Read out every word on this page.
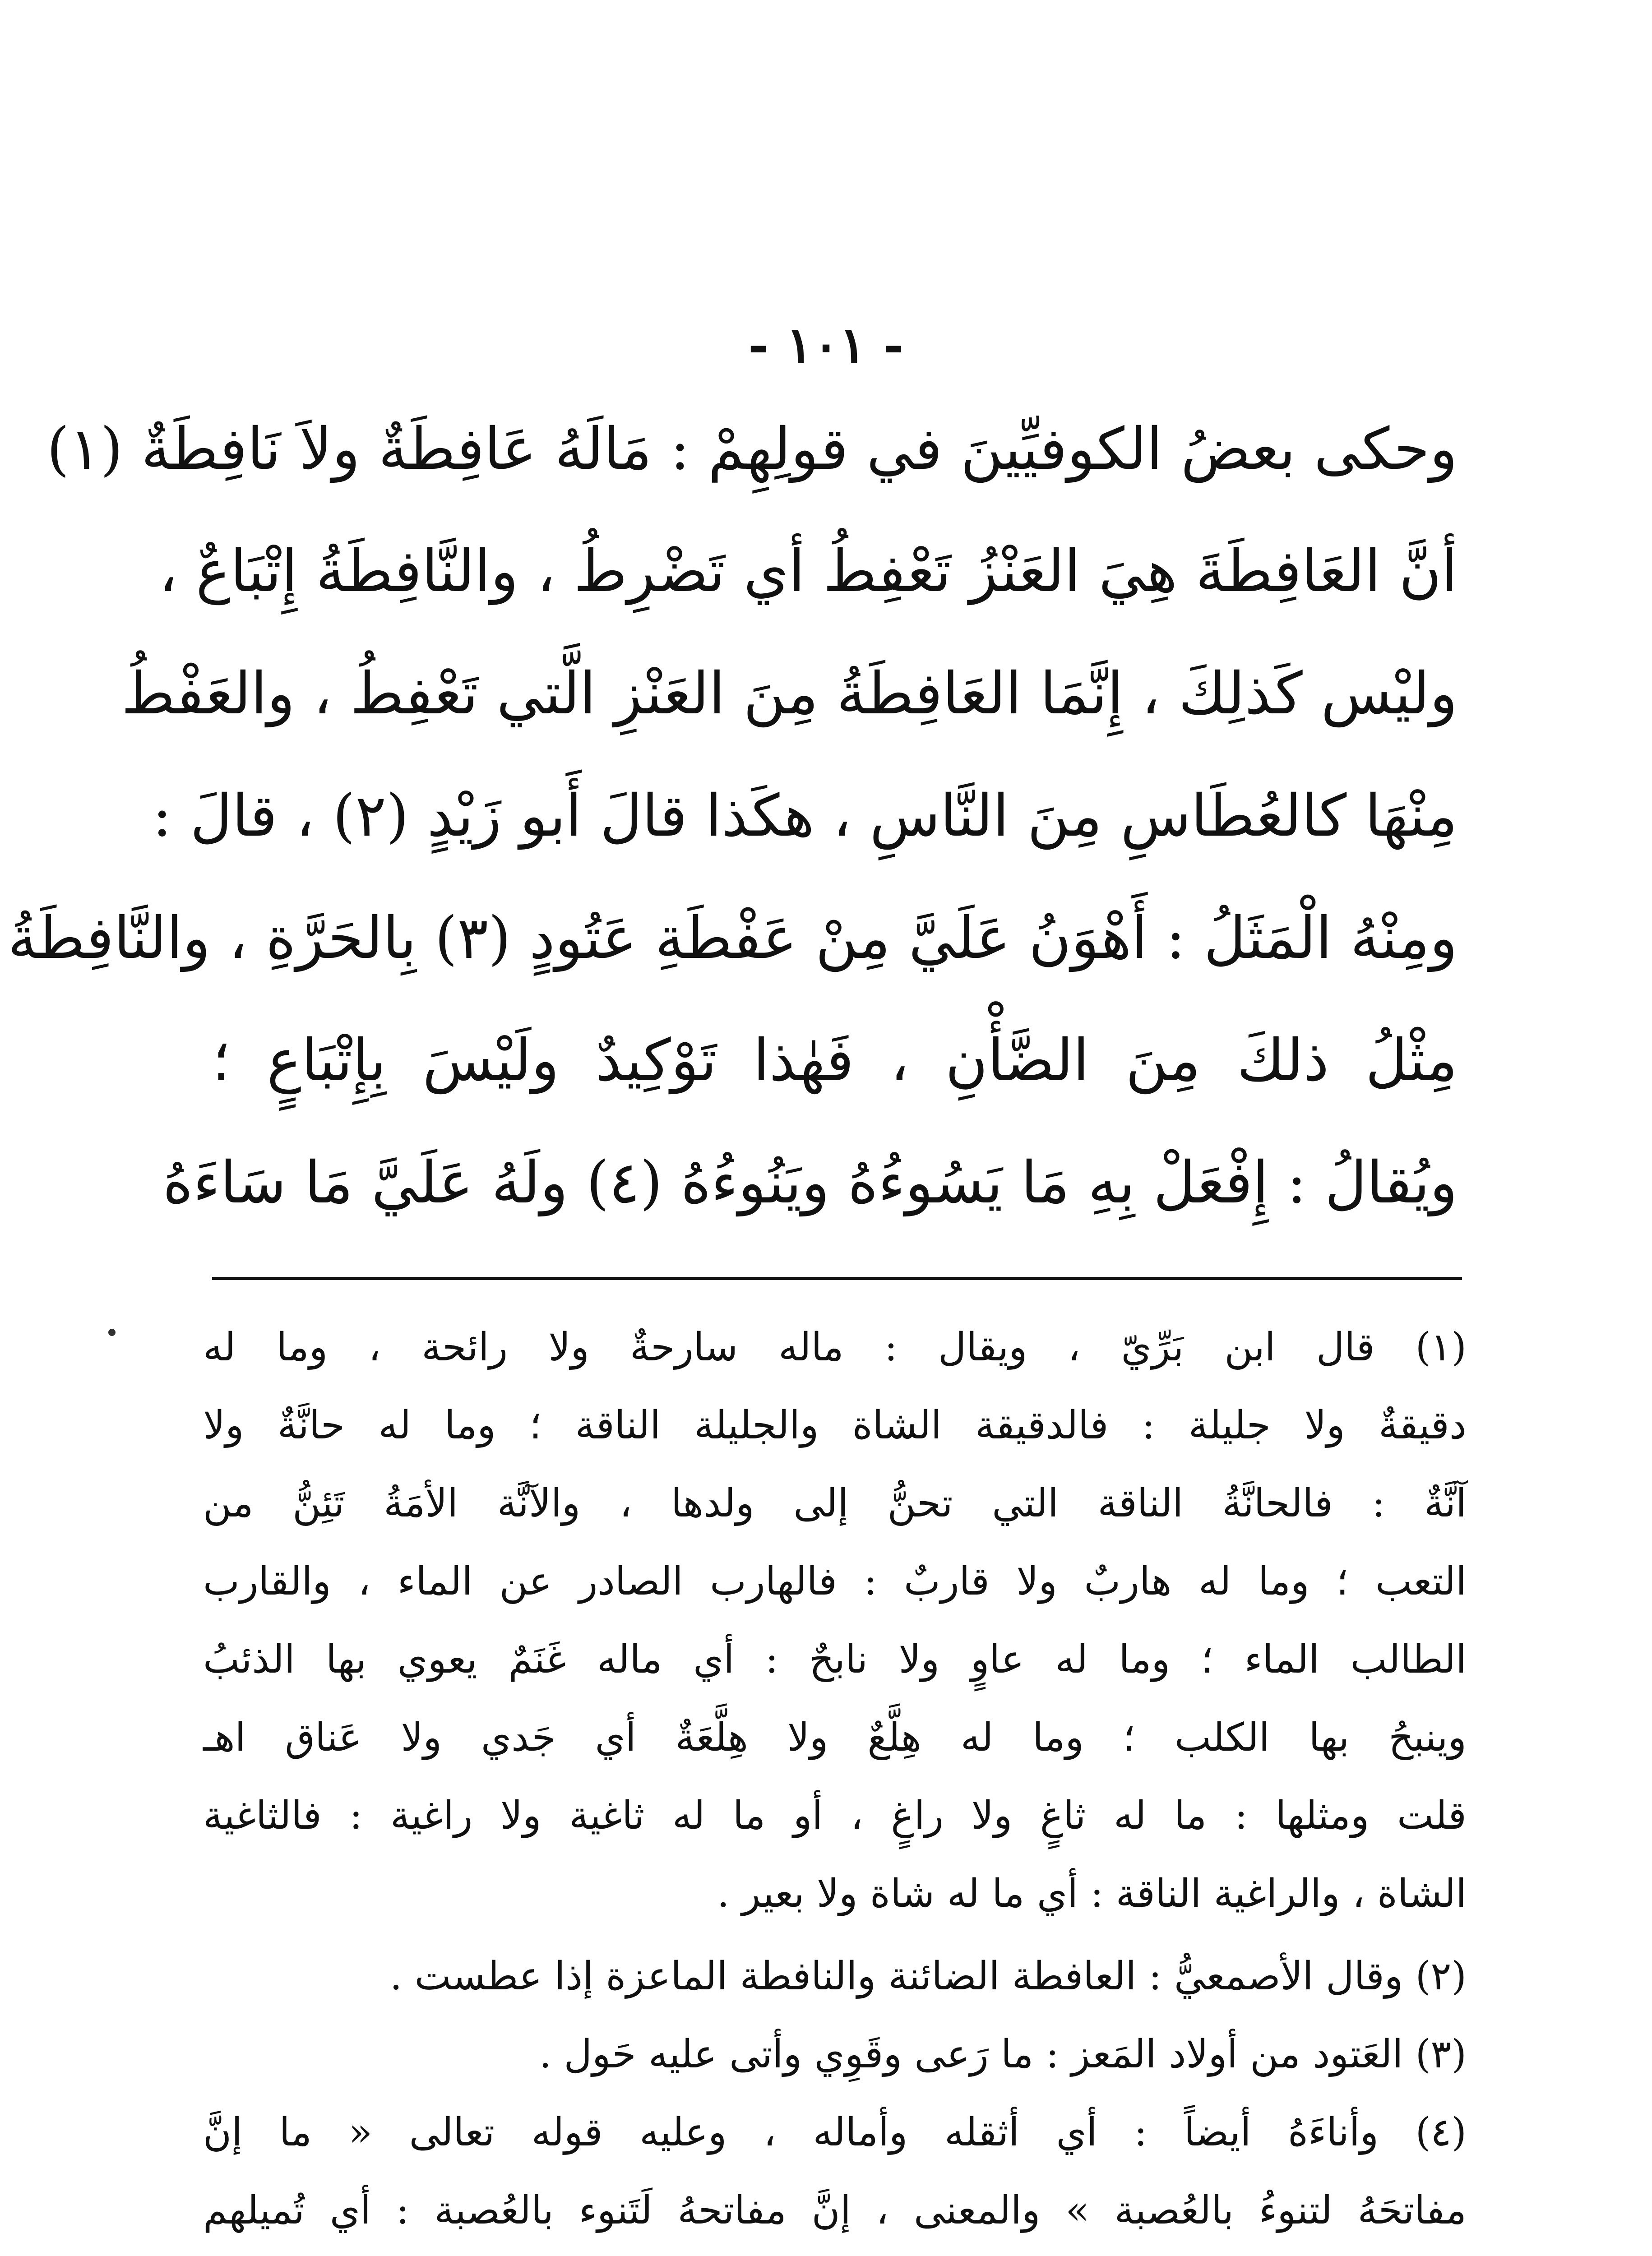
- ١٠١ -
وحكى بعضُ الكوفيِّينَ في قولِهِمْ : مَالَهُ عَافِطَةٌ ولاَ نَافِطَةٌ (١)
أنَّ العَافِطَةَ هِيَ العَنْزُ تَعْفِطُ أي تَضْرِطُ ، والنَّافِطَةُ إِتْبَاعٌ ،
وليْس كَذلِكَ ، إِنَّمَا العَافِطَةُ مِنَ العَنْزِ الَّتي تَعْفِطُ ، والعَفْطُ
مِنْهَا كالعُطَاسِ مِنَ النَّاسِ ، هكَذا قالَ أَبو زَيْدٍ (٢) ، قالَ :
ومِنْهُ الْمَثَلُ : أَهْوَنُ عَلَيَّ مِنْ عَفْطَةِ عَتُودٍ (٣) بِالحَرَّةِ ، والنَّافِطَةُ
مِثْلُ ذلكَ مِنَ الضَّأْنِ ، فَهٰذا تَوْكِيدٌ ولَيْسَ بِإِتْبَاعٍ ؛
ويُقالُ : إِفْعَلْ بِهِ مَا يَسُوءُهُ ويَنُوءُهُ (٤) ولَهُ عَلَيَّ مَا سَاءَهُ
(١) قال ابن بَرِّيّ ، ويقال : ماله سارحةٌ ولا رائحة ، وما له
دقيقةٌ ولا جليلة : فالدقيقة الشاة والجليلة الناقة ؛ وما له حانَّةٌ ولا
آنَّةٌ : فالحانَّةُ الناقة التي تحنُّ إلى ولدها ، والآنَّة الأمَةُ تَئِنُّ من
التعب ؛ وما له هاربٌ ولا قاربٌ : فالهارب الصادر عن الماء ، والقارب
الطالب الماء ؛ وما له عاوٍ ولا نابحٌ : أي ماله غَنَمٌ يعوي بها الذئبُ
وينبحُ بها الكلب ؛ وما له هِلَّعٌ ولا هِلَّعَةٌ أي جَدي ولا عَناق اهـ
قلت ومثلها : ما له ثاغٍ ولا راغٍ ، أو ما له ثاغية ولا راغية : فالثاغية
الشاة ، والراغية الناقة : أي ما له شاة ولا بعير .
(٢) وقال الأصمعيُّ : العافطة الضائنة والنافطة الماعزة إذا عطست .
(٣) العَتود من أولاد المَعز : ما رَعى وقَوِي وأتى عليه حَول .
(٤) وأناءَهُ أيضاً : أي أثقله وأماله ، وعليه قوله تعالى « ما إنَّ
مفاتحَهُ لتنوءُ بالعُصبة » والمعنى ، إنَّ مفاتحهُ لَتَنوء بالعُصبة : أي تُميلهم
